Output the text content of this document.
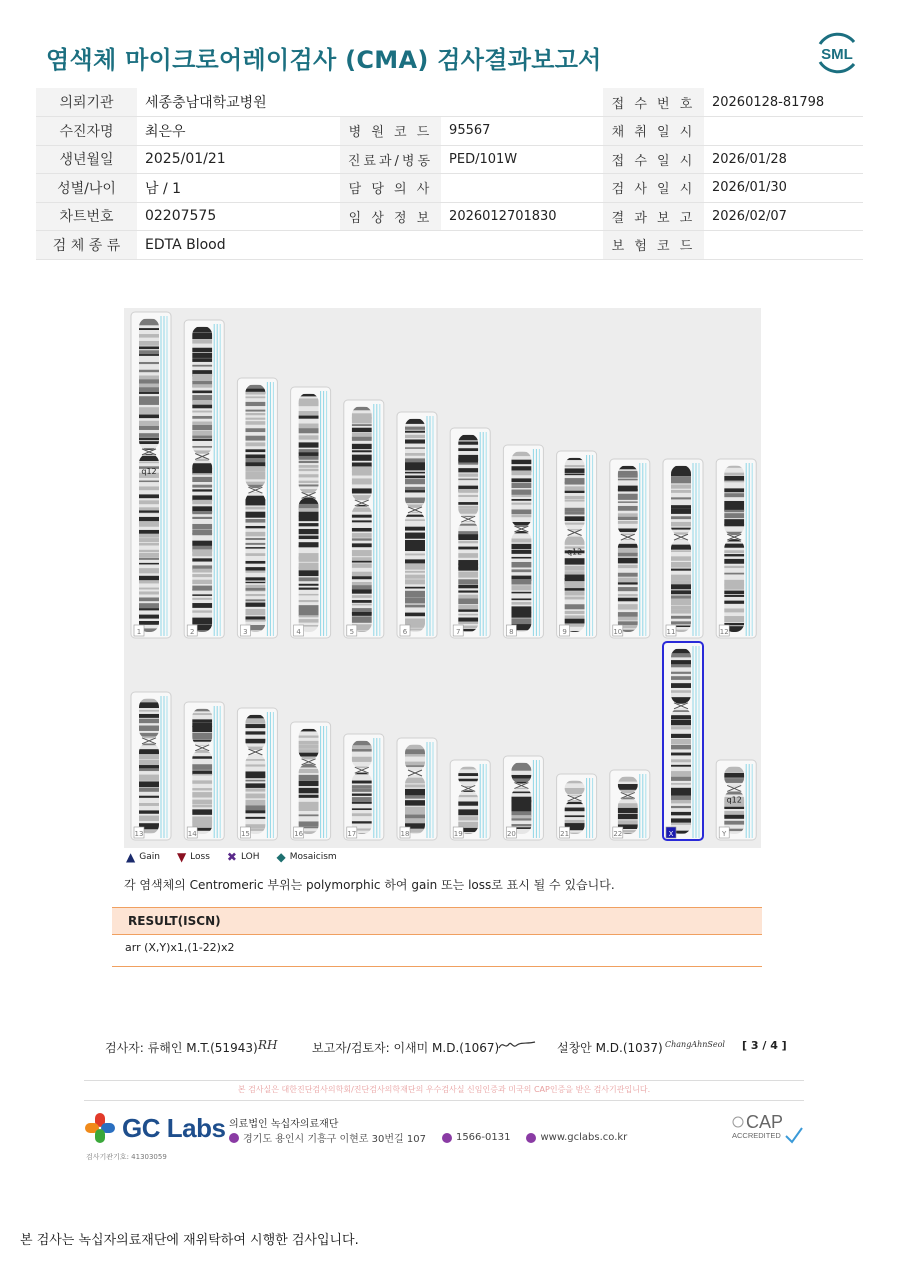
염색체 마이크로어레이검사 (CMA) 검사결과보고서	SML
의뢰기관	세종충남대학교병원			접 수 번 호	20260128-81798
수진자명	최은우	병 원 코 드	95567	채 취 일 시	
생년월일	2025/01/21	진료과/병동	PED/101W	접 수 일 시	2026/01/28
성별/나이	남 / 1	담 당 의 사		검 사 일 시	2026/01/30
차트번호	02207575	임 상 정 보	2026012701830	결 과 보 고	2026/02/07
검 체 종 류	EDTA Blood			보 험 코 드	
1
q12
2	3	4	5	6	7	8	9
q12
10	11	12
13	14	15	16	17	18	19	20	21	22	X	Y
q12
▲ Gain ▼ Loss ✖ LOH ◆ Mosaicism
각 염색체의 Centromeric 부위는 polymorphic 하여 gain 또는 loss로 표시 될 수 있습니다.
RESULT(ISCN)
arr (X,Y)x1,(1-22)x2
검사자: 류해인 M.T.(51943) RH	보고자/검토자: 이새미 M.D.(1067)	설창안 M.D.(1037) ChangAhnSeol [ 3 / 4 ]
본 검사실은 대한진단검사의학회/진단검사의학재단의 우수검사실 신임인증과 미국의 CAP인증을 받은 검사기관입니다.
GC Labs 의료법인 녹십자의료재단
경기도 용인시 기흥구 이현로 30번길 107	1566-0131	www.gclabs.co.kr
검사기관기호: 41303059
CAP
ACCREDITED
본 검사는 녹십자의료재단에 재위탁하여 시행한 검사입니다.
